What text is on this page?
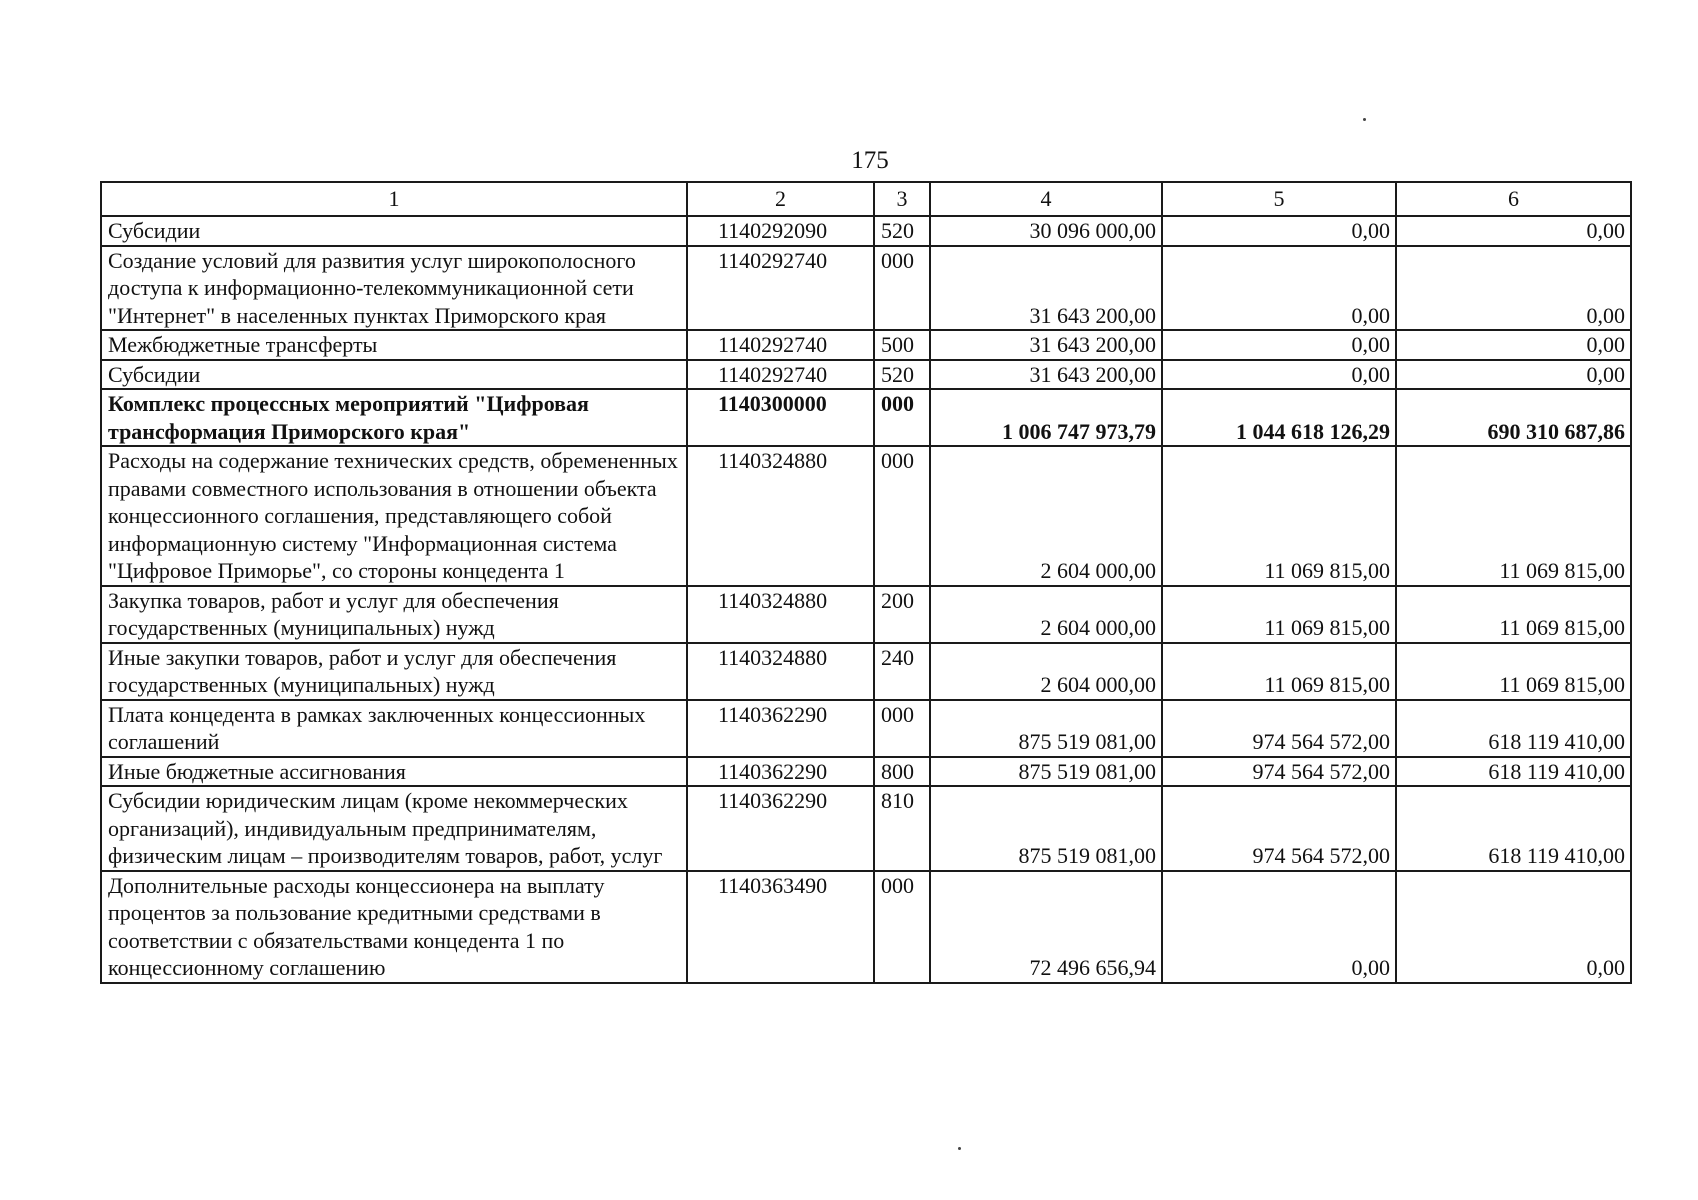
175
1	2	3	4	5	6
Субсидии	1140292090	520	30 096 000,00	0,00	0,00
Создание условий для развития услуг широкополосного доступа к информационно-телекоммуникационной сети "Интернет" в населенных пунктах Приморского края	1140292740	000	31 643 200,00	0,00	0,00
Межбюджетные трансферты	1140292740	500	31 643 200,00	0,00	0,00
Субсидии	1140292740	520	31 643 200,00	0,00	0,00
Комплекс процессных мероприятий "Цифровая трансформация Приморского края"	1140300000	000	1 006 747 973,79	1 044 618 126,29	690 310 687,86
Расходы на содержание технических средств, обремененных правами совместного использования в отношении объекта концессионного соглашения, представляющего собой информационную систему "Информационная система "Цифровое Приморье", со стороны концедента 1	1140324880	000	2 604 000,00	11 069 815,00	11 069 815,00
Закупка товаров, работ и услуг для обеспечения государственных (муниципальных) нужд	1140324880	200	2 604 000,00	11 069 815,00	11 069 815,00
Иные закупки товаров, работ и услуг для обеспечения государственных (муниципальных) нужд	1140324880	240	2 604 000,00	11 069 815,00	11 069 815,00
Плата концедента в рамках заключенных концессионных соглашений	1140362290	000	875 519 081,00	974 564 572,00	618 119 410,00
Иные бюджетные ассигнования	1140362290	800	875 519 081,00	974 564 572,00	618 119 410,00
Субсидии юридическим лицам (кроме некоммерческих организаций), индивидуальным предпринимателям, физическим лицам – производителям товаров, работ, услуг	1140362290	810	875 519 081,00	974 564 572,00	618 119 410,00
Дополнительные расходы концессионера на выплату процентов за пользование кредитными средствами в соответствии с обязательствами концедента 1 по концессионному соглашению	1140363490	000	72 496 656,94	0,00	0,00
